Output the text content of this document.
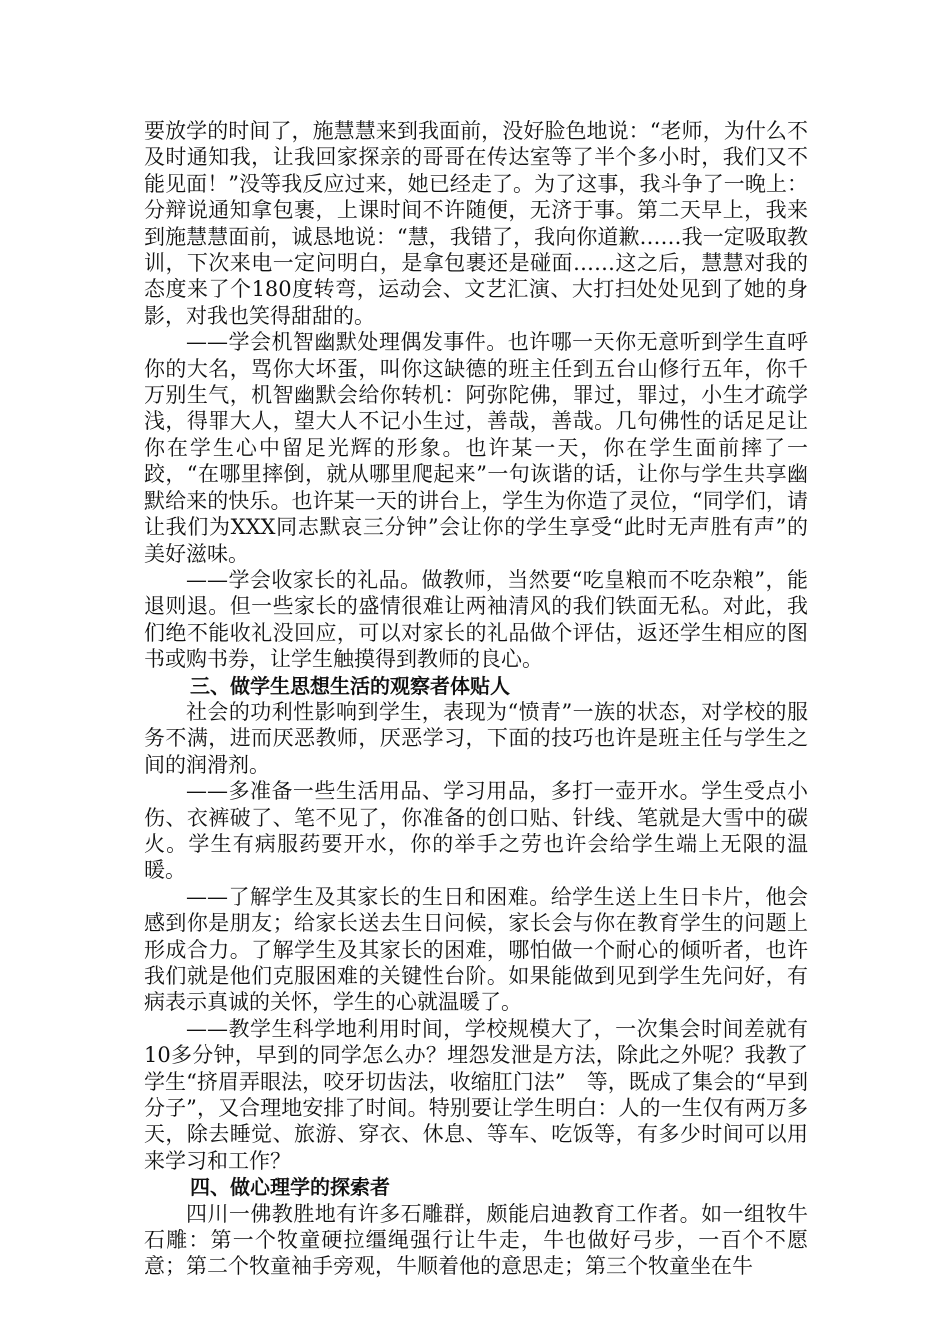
要放学的时间了，施慧慧来到我面前，没好脸色地说：“老师，为什么不及时通知我，让我回家探亲的哥哥在传达室等了半个多小时，我们又不能见面！”没等我反应过来，她已经走了。为了这事，我斗争了一晚上：分辩说通知拿包裹，上课时间不许随便，无济于事。第二天早上，我来到施慧慧面前，诚恳地说：“慧，我错了，我向你道歉……我一定吸取教训，下次来电一定问明白，是拿包裹还是碰面……这之后，慧慧对我的态度来了个180度转弯，运动会、文艺汇演、大打扫处处见到了她的身影，对我也笑得甜甜的。

——学会机智幽默处理偶发事件。也许哪一天你无意听到学生直呼你的大名，骂你大坏蛋，叫你这缺德的班主任到五台山修行五年，你千万别生气，机智幽默会给你转机：阿弥陀佛，罪过，罪过，小生才疏学浅，得罪大人，望大人不记小生过，善哉，善哉。几句佛性的话足足让你在学生心中留足光辉的形象。也许某一天，你在学生面前摔了一跤，“在哪里摔倒，就从哪里爬起来”一句诙谐的话，让你与学生共享幽默给来的快乐。也许某一天的讲台上，学生为你造了灵位，“同学们，请让我们为XXX同志默哀三分钟”会让你的学生享受“此时无声胜有声”的美好滋味。

——学会收家长的礼品。做教师，当然要“吃皇粮而不吃杂粮”，能退则退。但一些家长的盛情很难让两袖清风的我们铁面无私。对此，我们绝不能收礼没回应，可以对家长的礼品做个评估，返还学生相应的图书或购书券，让学生触摸得到教师的良心。

三、做学生思想生活的观察者体贴人

社会的功利性影响到学生，表现为“愤青”一族的状态，对学校的服务不满，进而厌恶教师，厌恶学习，下面的技巧也许是班主任与学生之间的润滑剂。

——多准备一些生活用品、学习用品，多打一壶开水。学生受点小伤、衣裤破了、笔不见了，你准备的创口贴、针线、笔就是大雪中的碳火。学生有病服药要开水，你的举手之劳也许会给学生端上无限的温暖。

——了解学生及其家长的生日和困难。给学生送上生日卡片，他会感到你是朋友；给家长送去生日问候，家长会与你在教育学生的问题上形成合力。了解学生及其家长的困难，哪怕做一个耐心的倾听者，也许我们就是他们克服困难的关键性台阶。如果能做到见到学生先问好，有病表示真诚的关怀，学生的心就温暖了。

——教学生科学地利用时间，学校规模大了，一次集会时间差就有10多分钟，早到的同学怎么办？埋怨发泄是方法，除此之外呢？我教了学生“挤眉弄眼法，咬牙切齿法，收缩肛门法”　等，既成了集会的“早到分子”，又合理地安排了时间。特别要让学生明白：人的一生仅有两万多天，除去睡觉、旅游、穿衣、休息、等车、吃饭等，有多少时间可以用来学习和工作？

四、做心理学的探索者

四川一佛教胜地有许多石雕群，颇能启迪教育工作者。如一组牧牛石雕：第一个牧童硬拉缰绳强行让牛走，牛也做好弓步，一百个不愿意；第二个牧童袖手旁观，牛顺着他的意思走；第三个牧童坐在牛
